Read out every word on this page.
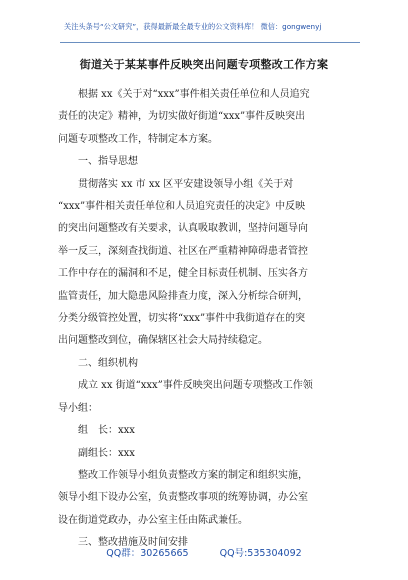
关注头条号“公文研究”，获得最新最全最专业的公文资料库！ 微信：gongwenyj
街道关于某某事件反映突出问题专项整改工作方案

根据 xx《关于对“xxx”事件相关责任单位和人员追究

责任的决定》精神，为切实做好街道“xxx”事件反映突出

问题专项整改工作，特制定本方案。

一、指导思想

贯彻落实 xx 市 xx 区平安建设领导小组《关于对

“xxx”事件相关责任单位和人员追究责任的决定》中反映

的突出问题整改有关要求，认真吸取教训，坚持问题导向

举一反三，深刻查找街道、社区在严重精神障碍患者管控

工作中存在的漏洞和不足，健全目标责任机制、压实各方

监管责任，加大隐患风险排查力度，深入分析综合研判，

分类分级管控处置，切实将“xxx”事件中我街道存在的突

出问题整改到位，确保辖区社会大局持续稳定。

二、组织机构

成立 xx 街道“xxx”事件反映突出问题专项整改工作领

导小组：

组　长：xxx

副组长：xxx

整改工作领导小组负责整改方案的制定和组织实施，

领导小组下设办公室，负责整改事项的统筹协调，办公室

设在街道党政办，办公室主任由陈武兼任。

三、整改措施及时间安排

QQ群：30265665	QQ号:535304092
